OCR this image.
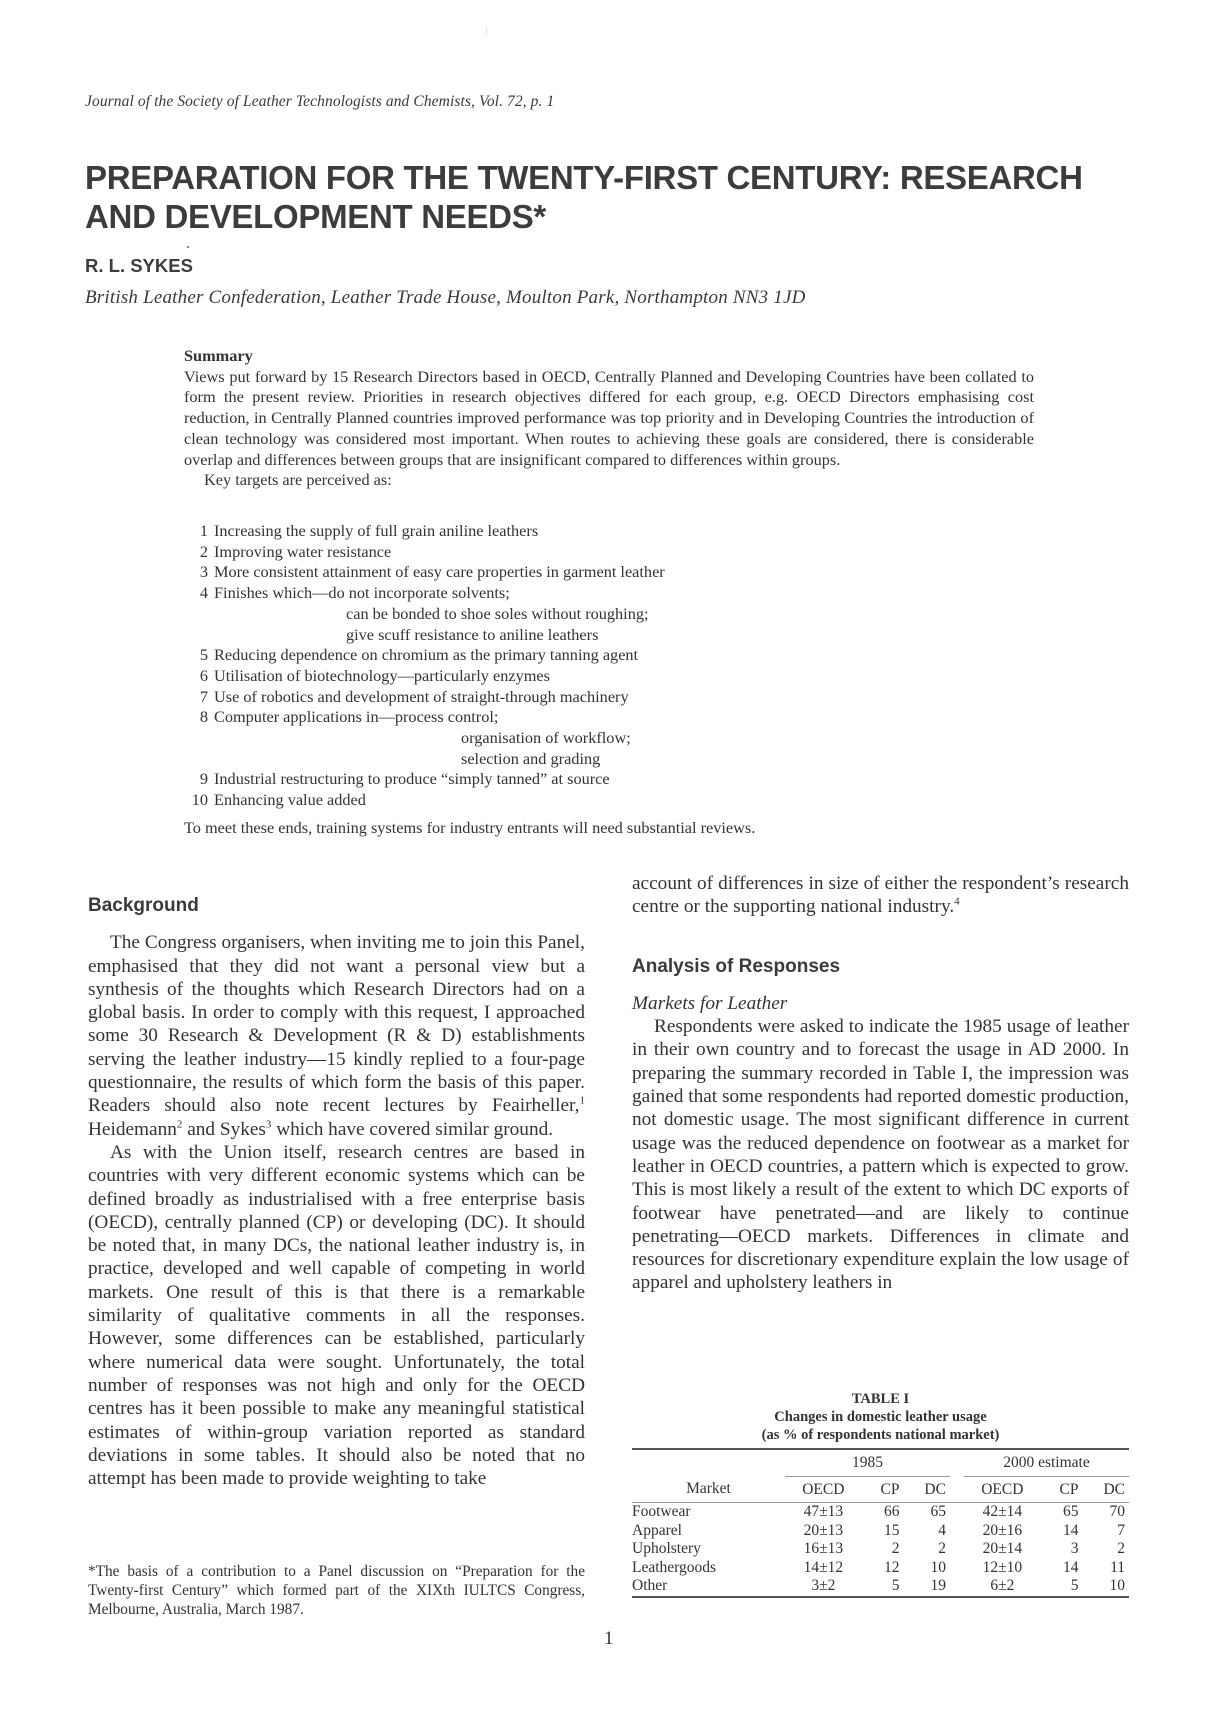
Journal of the Society of Leather Technologists and Chemists, Vol. 72, p. 1
PREPARATION FOR THE TWENTY-FIRST CENTURY: RESEARCH AND DEVELOPMENT NEEDS*
R. L. SYKES
British Leather Confederation, Leather Trade House, Moulton Park, Northampton NN3 1JD
Summary
Views put forward by 15 Research Directors based in OECD, Centrally Planned and Developing Countries have been collated to form the present review. Priorities in research objectives differed for each group, e.g. OECD Directors emphasising cost reduction, in Centrally Planned countries improved performance was top priority and in Developing Countries the introduction of clean technology was considered most important. When routes to achieving these goals are considered, there is considerable overlap and differences between groups that are insignificant compared to differences within groups.
Key targets are perceived as:
1 Increasing the supply of full grain aniline leathers
2 Improving water resistance
3 More consistent attainment of easy care properties in garment leather
4 Finishes which—do not incorporate solvents;
can be bonded to shoe soles without roughing;
give scuff resistance to aniline leathers
5 Reducing dependence on chromium as the primary tanning agent
6 Utilisation of biotechnology—particularly enzymes
7 Use of robotics and development of straight-through machinery
8 Computer applications in—process control;
organisation of workflow;
selection and grading
9 Industrial restructuring to produce “simply tanned” at source
10 Enhancing value added
To meet these ends, training systems for industry entrants will need substantial reviews.
Background

The Congress organisers, when inviting me to join this Panel, emphasised that they did not want a personal view but a synthesis of the thoughts which Research Directors had on a global basis. In order to comply with this request, I approached some 30 Research & Development (R & D) establishments serving the leather industry—15 kindly replied to a four-page questionnaire, the results of which form the basis of this paper. Readers should also note recent lectures by Feairheller,$^1$ Heidemann$^2$ and Sykes$^3$ which have covered similar ground.

As with the Union itself, research centres are based in countries with very different economic systems which can be defined broadly as industrialised with a free enterprise basis (OECD), centrally planned (CP) or developing (DC). It should be noted that, in many DCs, the national leather industry is, in practice, developed and well capable of competing in world markets. One result of this is that there is a remarkable similarity of qualitative comments in all the responses. However, some differences can be established, particularly where numerical data were sought. Unfortunately, the total number of responses was not high and only for the OECD centres has it been possible to make any meaningful statistical estimates of within-group variation reported as standard deviations in some tables. It should also be noted that no attempt has been made to provide weighting to take

*The basis of a contribution to a Panel discussion on “Preparation for the Twenty-first Century” which formed part of the XIXth IULTCS Congress, Melbourne, Australia, March 1987.

account of differences in size of either the respondent’s research centre or the supporting national industry.$^4$

Analysis of Responses

Markets for Leather

Respondents were asked to indicate the 1985 usage of leather in their own country and to forecast the usage in AD 2000. In preparing the summary recorded in Table I, the impression was gained that some respondents had reported domestic production, not domestic usage. The most significant difference in current usage was the reduced dependence on footwear as a market for leather in OECD countries, a pattern which is expected to grow. This is most likely a result of the extent to which DC exports of footwear have penetrated—and are likely to continue penetrating—OECD markets. Differences in climate and resources for discretionary expenditure explain the low usage of apparel and upholstery leathers in

TABLE I
Changes in domestic leather usage
(as % of respondents national market)
	1985				2000 estimate		
Market	OECD	CP	DC		OECD	CP	DC
Footwear	47±13	66	65		42±14	65	70
Apparel	20±13	15	4		20±16	14	7
Upholstery	16±13	2	2		20±14	3	2
Leathergoods	14±12	12	10		12±10	14	11
Other	3±2	5	19		6±2	5	10
1
